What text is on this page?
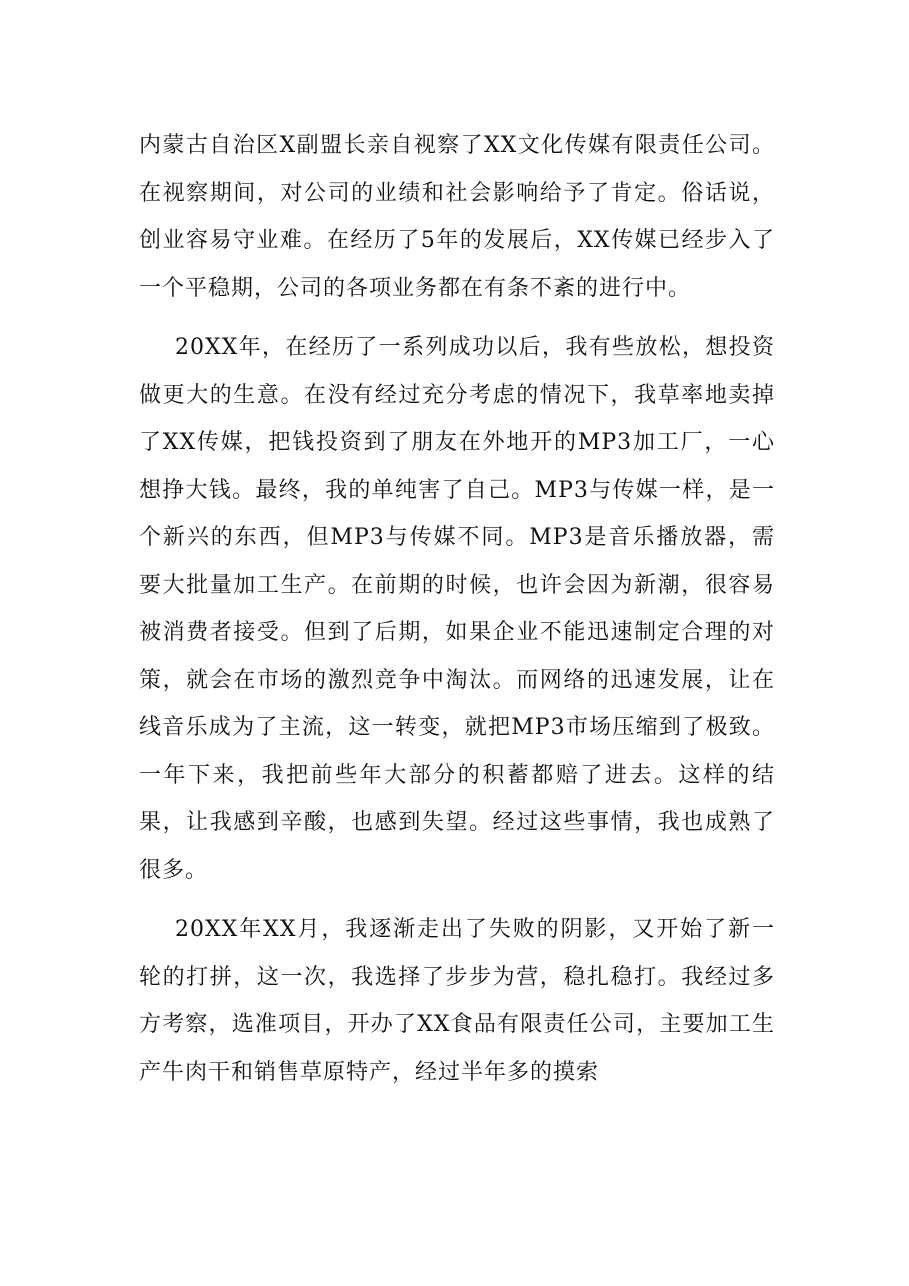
内蒙古自治区X副盟长亲自视察了XX文化传媒有限责任公司。在视察期间，对公司的业绩和社会影响给予了肯定。俗话说，创业容易守业难。在经历了5年的发展后，XX传媒已经步入了一个平稳期，公司的各项业务都在有条不紊的进行中。

20XX年，在经历了一系列成功以后，我有些放松，想投资做更大的生意。在没有经过充分考虑的情况下，我草率地卖掉了XX传媒，把钱投资到了朋友在外地开的MP3加工厂，一心想挣大钱。最终，我的单纯害了自己。MP3与传媒一样，是一个新兴的东西，但MP3与传媒不同。MP3是音乐播放器，需要大批量加工生产。在前期的时候，也许会因为新潮，很容易被消费者接受。但到了后期，如果企业不能迅速制定合理的对策，就会在市场的激烈竞争中淘汰。而网络的迅速发展，让在线音乐成为了主流，这一转变，就把MP3市场压缩到了极致。一年下来，我把前些年大部分的积蓄都赔了进去。这样的结果，让我感到辛酸，也感到失望。经过这些事情，我也成熟了很多。

20XX年XX月，我逐渐走出了失败的阴影，又开始了新一轮的打拼，这一次，我选择了步步为营，稳扎稳打。我经过多方考察，选准项目，开办了XX食品有限责任公司，主要加工生产牛肉干和销售草原特产，经过半年多的摸索
